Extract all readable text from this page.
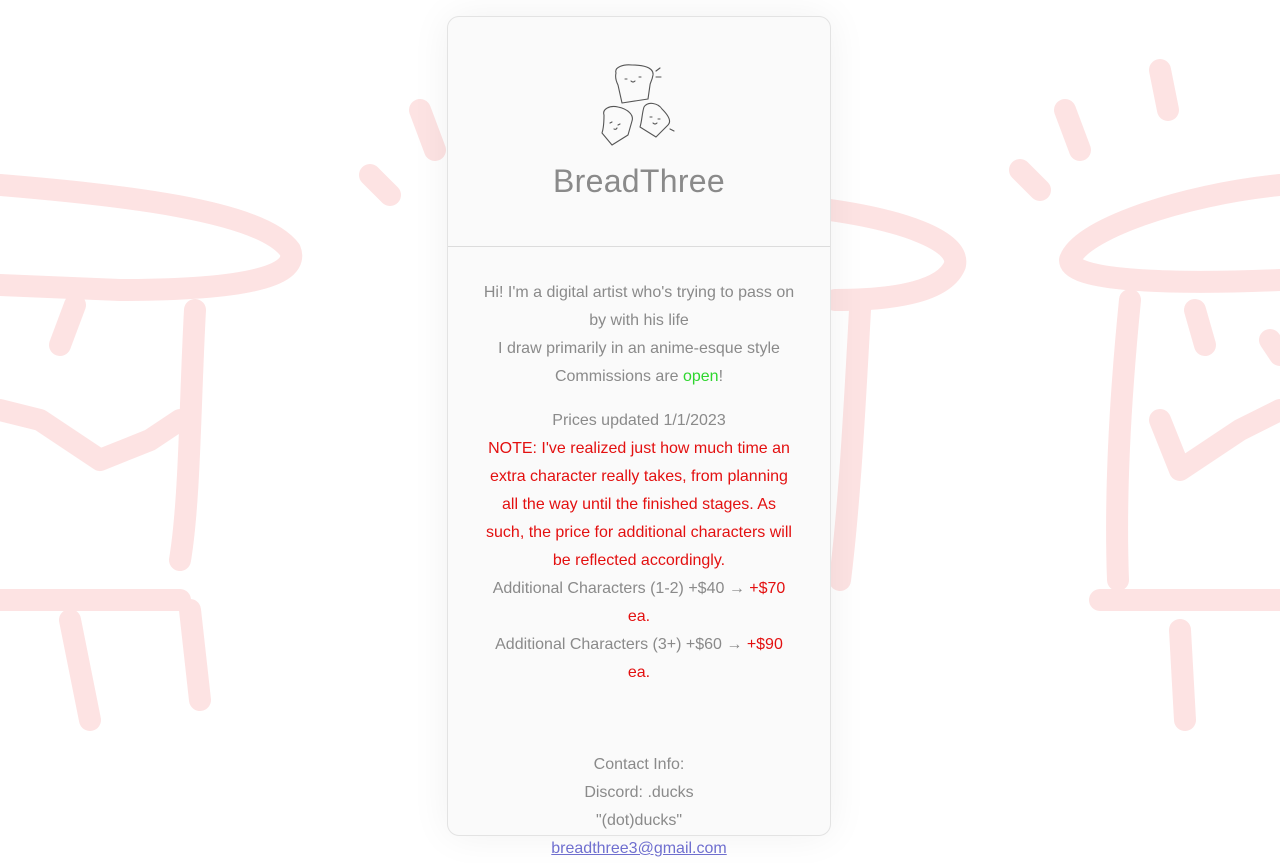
BreadThree

Hi! I'm a digital artist who's trying to pass on by with his life

I draw primarily in an anime-esque style

Commissions are open!

Prices updated 1/1/2023

NOTE: I've realized just how much time an extra character really takes, from planning all the way until the finished stages. As such, the price for additional characters will be reflected accordingly.

Additional Characters (1-2) +$40 → +$70 ea.

Additional Characters (3+) +$60 → +$90 ea.

Contact Info:

Discord: .ducks

"(dot)ducks"

breadthree3@gmail.com
